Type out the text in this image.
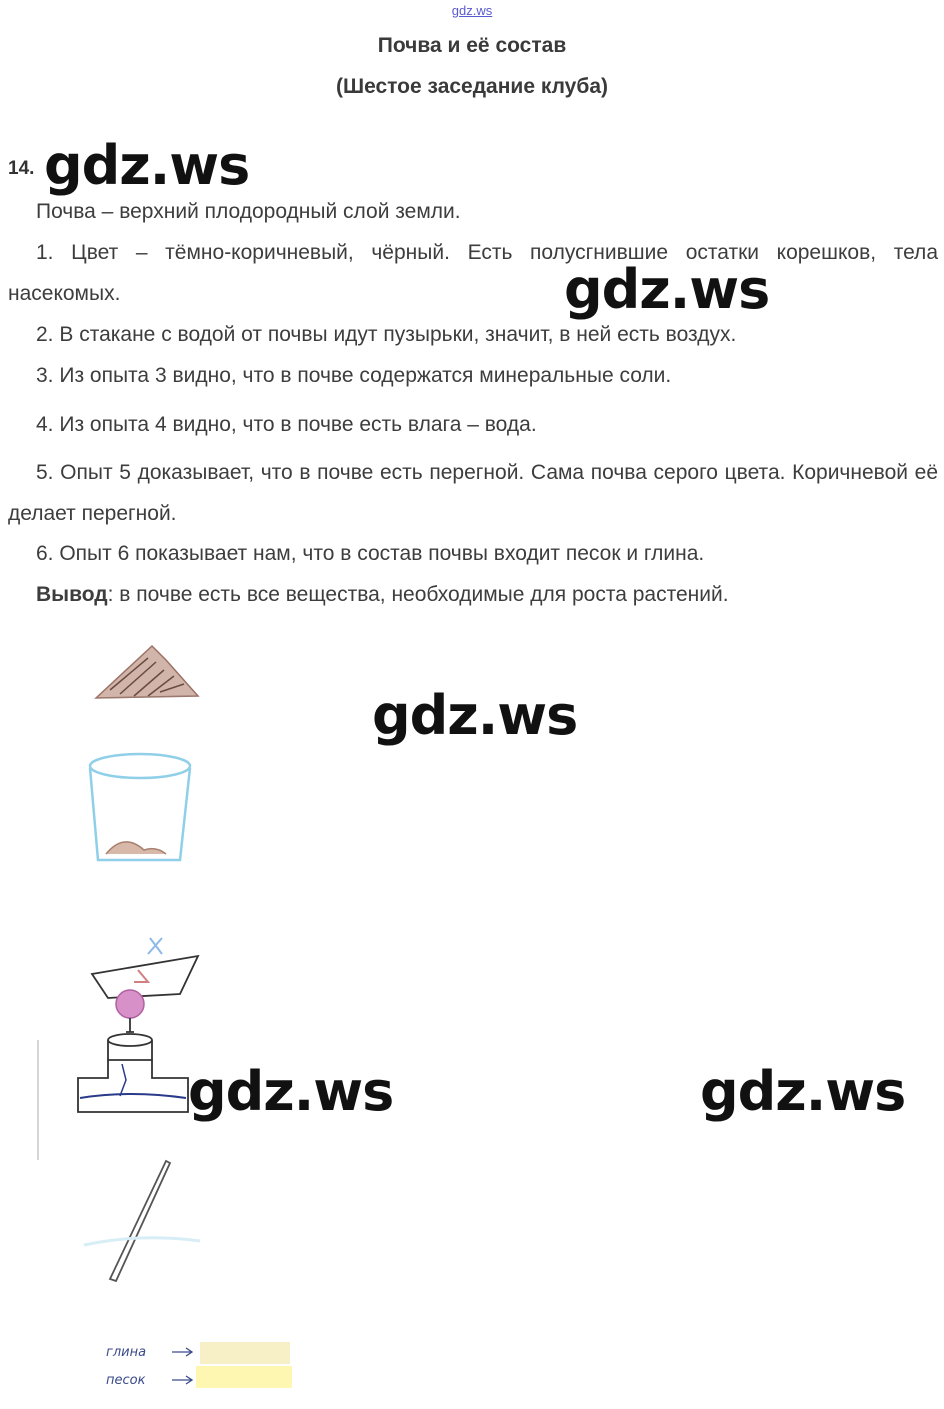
gdz.ws
Почва и её состав
(Шестое заседание клуба)
14. gdz.ws
Почва – верхний плодородный слой земли.
1. Цвет – тёмно-коричневый, чёрный. Есть полусгнившие остатки корешков, тела насекомых.	gdz.ws
2. В стакане с водой от почвы идут пузырьки, значит, в ней есть воздух.
3. Из опыта 3 видно, что в почве содержатся минеральные соли.
4. Из опыта 4 видно, что в почве есть влага – вода.
5. Опыт 5 доказывает, что в почве есть перегной. Сама почва серого цвета. Коричневой её делает перегной.
6. Опыт 6 показывает нам, что в состав почвы входит песок и глина.
Вывод: в почве есть все вещества, необходимые для роста растений.
gdz.ws
gdz.ws	gdz.ws
глина
песок
